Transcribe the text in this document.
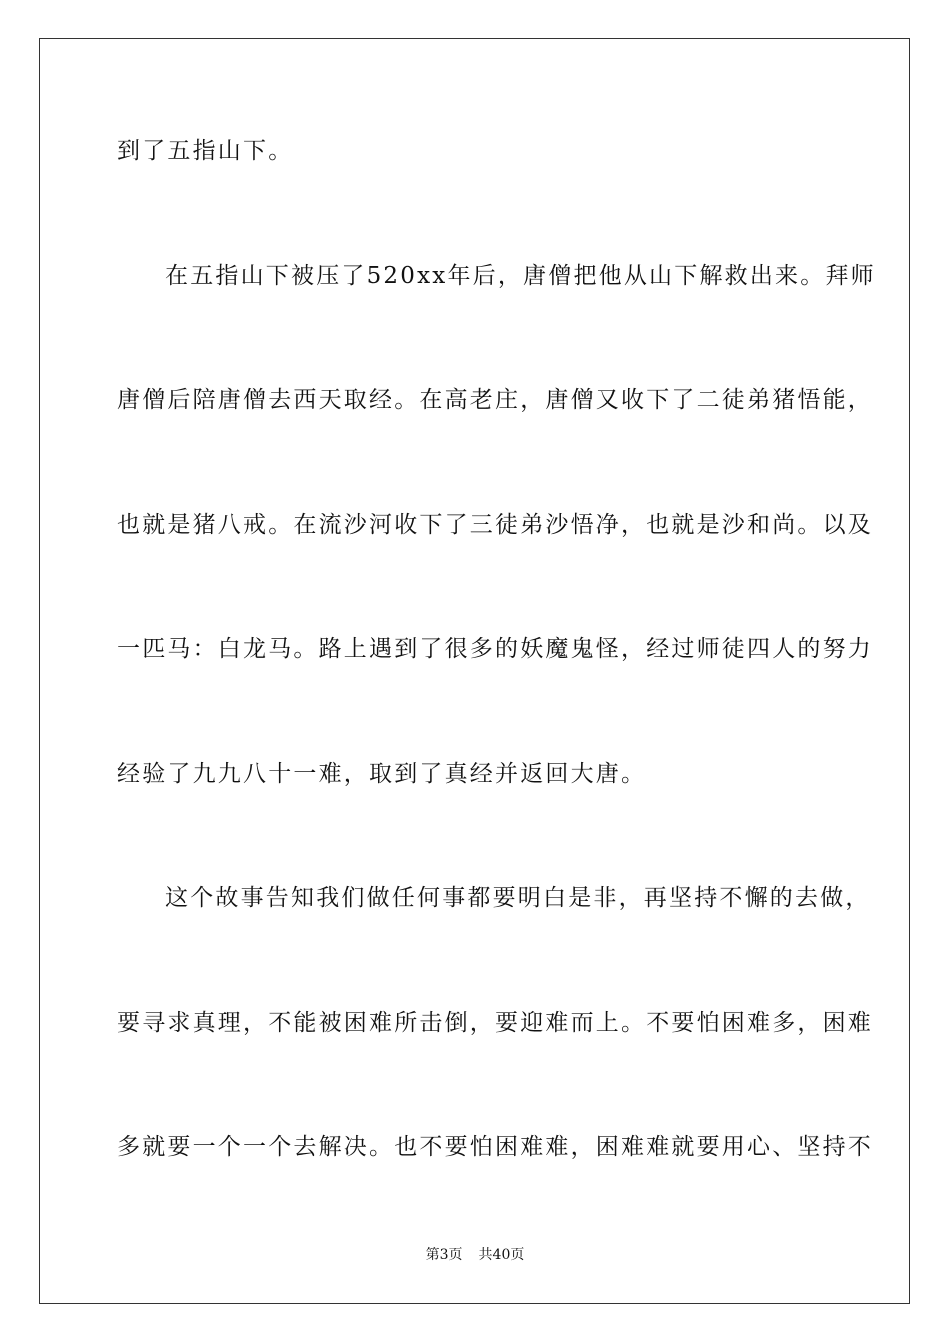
到了五指山下。
在五指山下被压了520xx年后，唐僧把他从山下解救出来。拜师
唐僧后陪唐僧去西天取经。在高老庄，唐僧又收下了二徒弟猪悟能，
也就是猪八戒。在流沙河收下了三徒弟沙悟净，也就是沙和尚。以及
一匹马：白龙马。路上遇到了很多的妖魔鬼怪，经过师徒四人的努力
经验了九九八十一难，取到了真经并返回大唐。
这个故事告知我们做任何事都要明白是非，再坚持不懈的去做，
要寻求真理，不能被困难所击倒，要迎难而上。不要怕困难多，困难
多就要一个一个去解决。也不要怕困难难，困难难就要用心、坚持不
第3页 共40页
